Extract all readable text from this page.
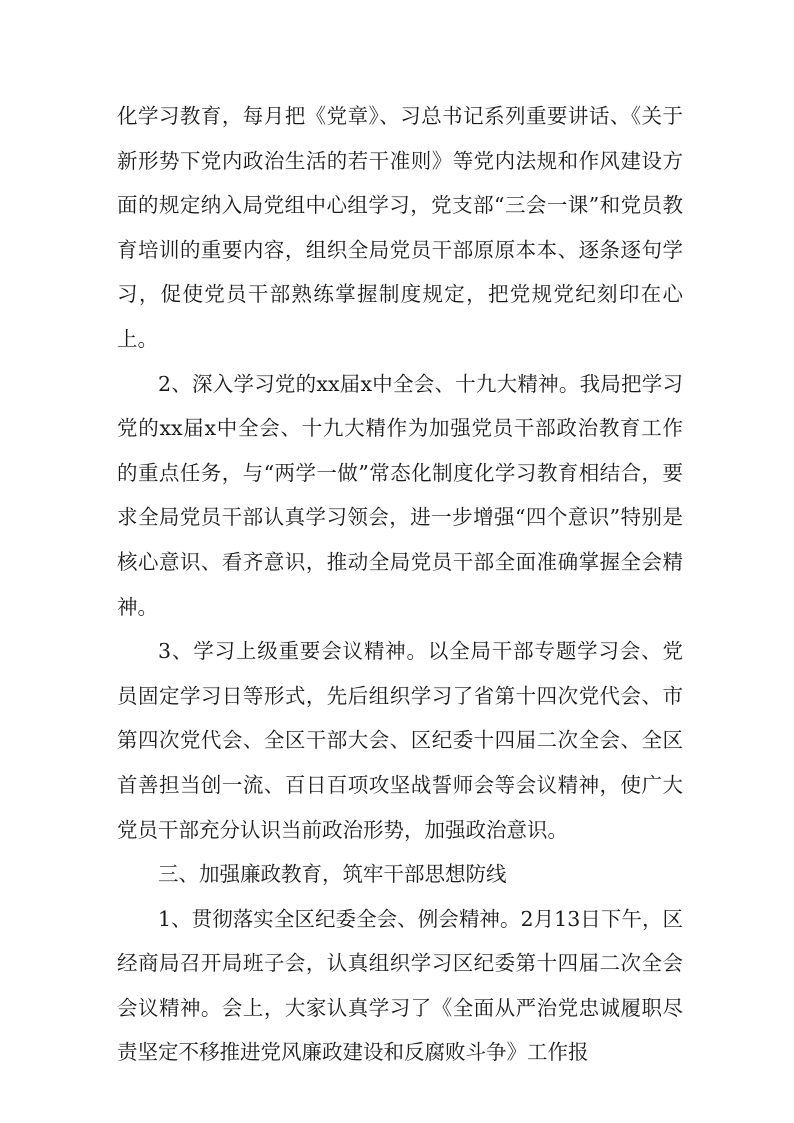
化学习教育，每月把《党章》、习总书记系列重要讲话、《关于新形势下党内政治生活的若干准则》等党内法规和作风建设方面的规定纳入局党组中心组学习，党支部“三会一课”和党员教育培训的重要内容，组织全局党员干部原原本本、逐条逐句学习，促使党员干部熟练掌握制度规定，把党规党纪刻印在心上。

2、深入学习党的xx届x中全会、十九大精神。我局把学习党的xx届x中全会、十九大精作为加强党员干部政治教育工作的重点任务，与“两学一做”常态化制度化学习教育相结合，要求全局党员干部认真学习领会，进一步增强“四个意识”特别是核心意识、看齐意识，推动全局党员干部全面准确掌握全会精神。

3、学习上级重要会议精神。以全局干部专题学习会、党员固定学习日等形式，先后组织学习了省第十四次党代会、市第四次党代会、全区干部大会、区纪委十四届二次全会、全区首善担当创一流、百日百项攻坚战誓师会等会议精神，使广大党员干部充分认识当前政治形势，加强政治意识。

三、加强廉政教育，筑牢干部思想防线

1、贯彻落实全区纪委全会、例会精神。2月13日下午，区经商局召开局班子会，认真组织学习区纪委第十四届二次全会会议精神。会上，大家认真学习了《全面从严治党忠诚履职尽责坚定不移推进党风廉政建设和反腐败斗争》工作报
